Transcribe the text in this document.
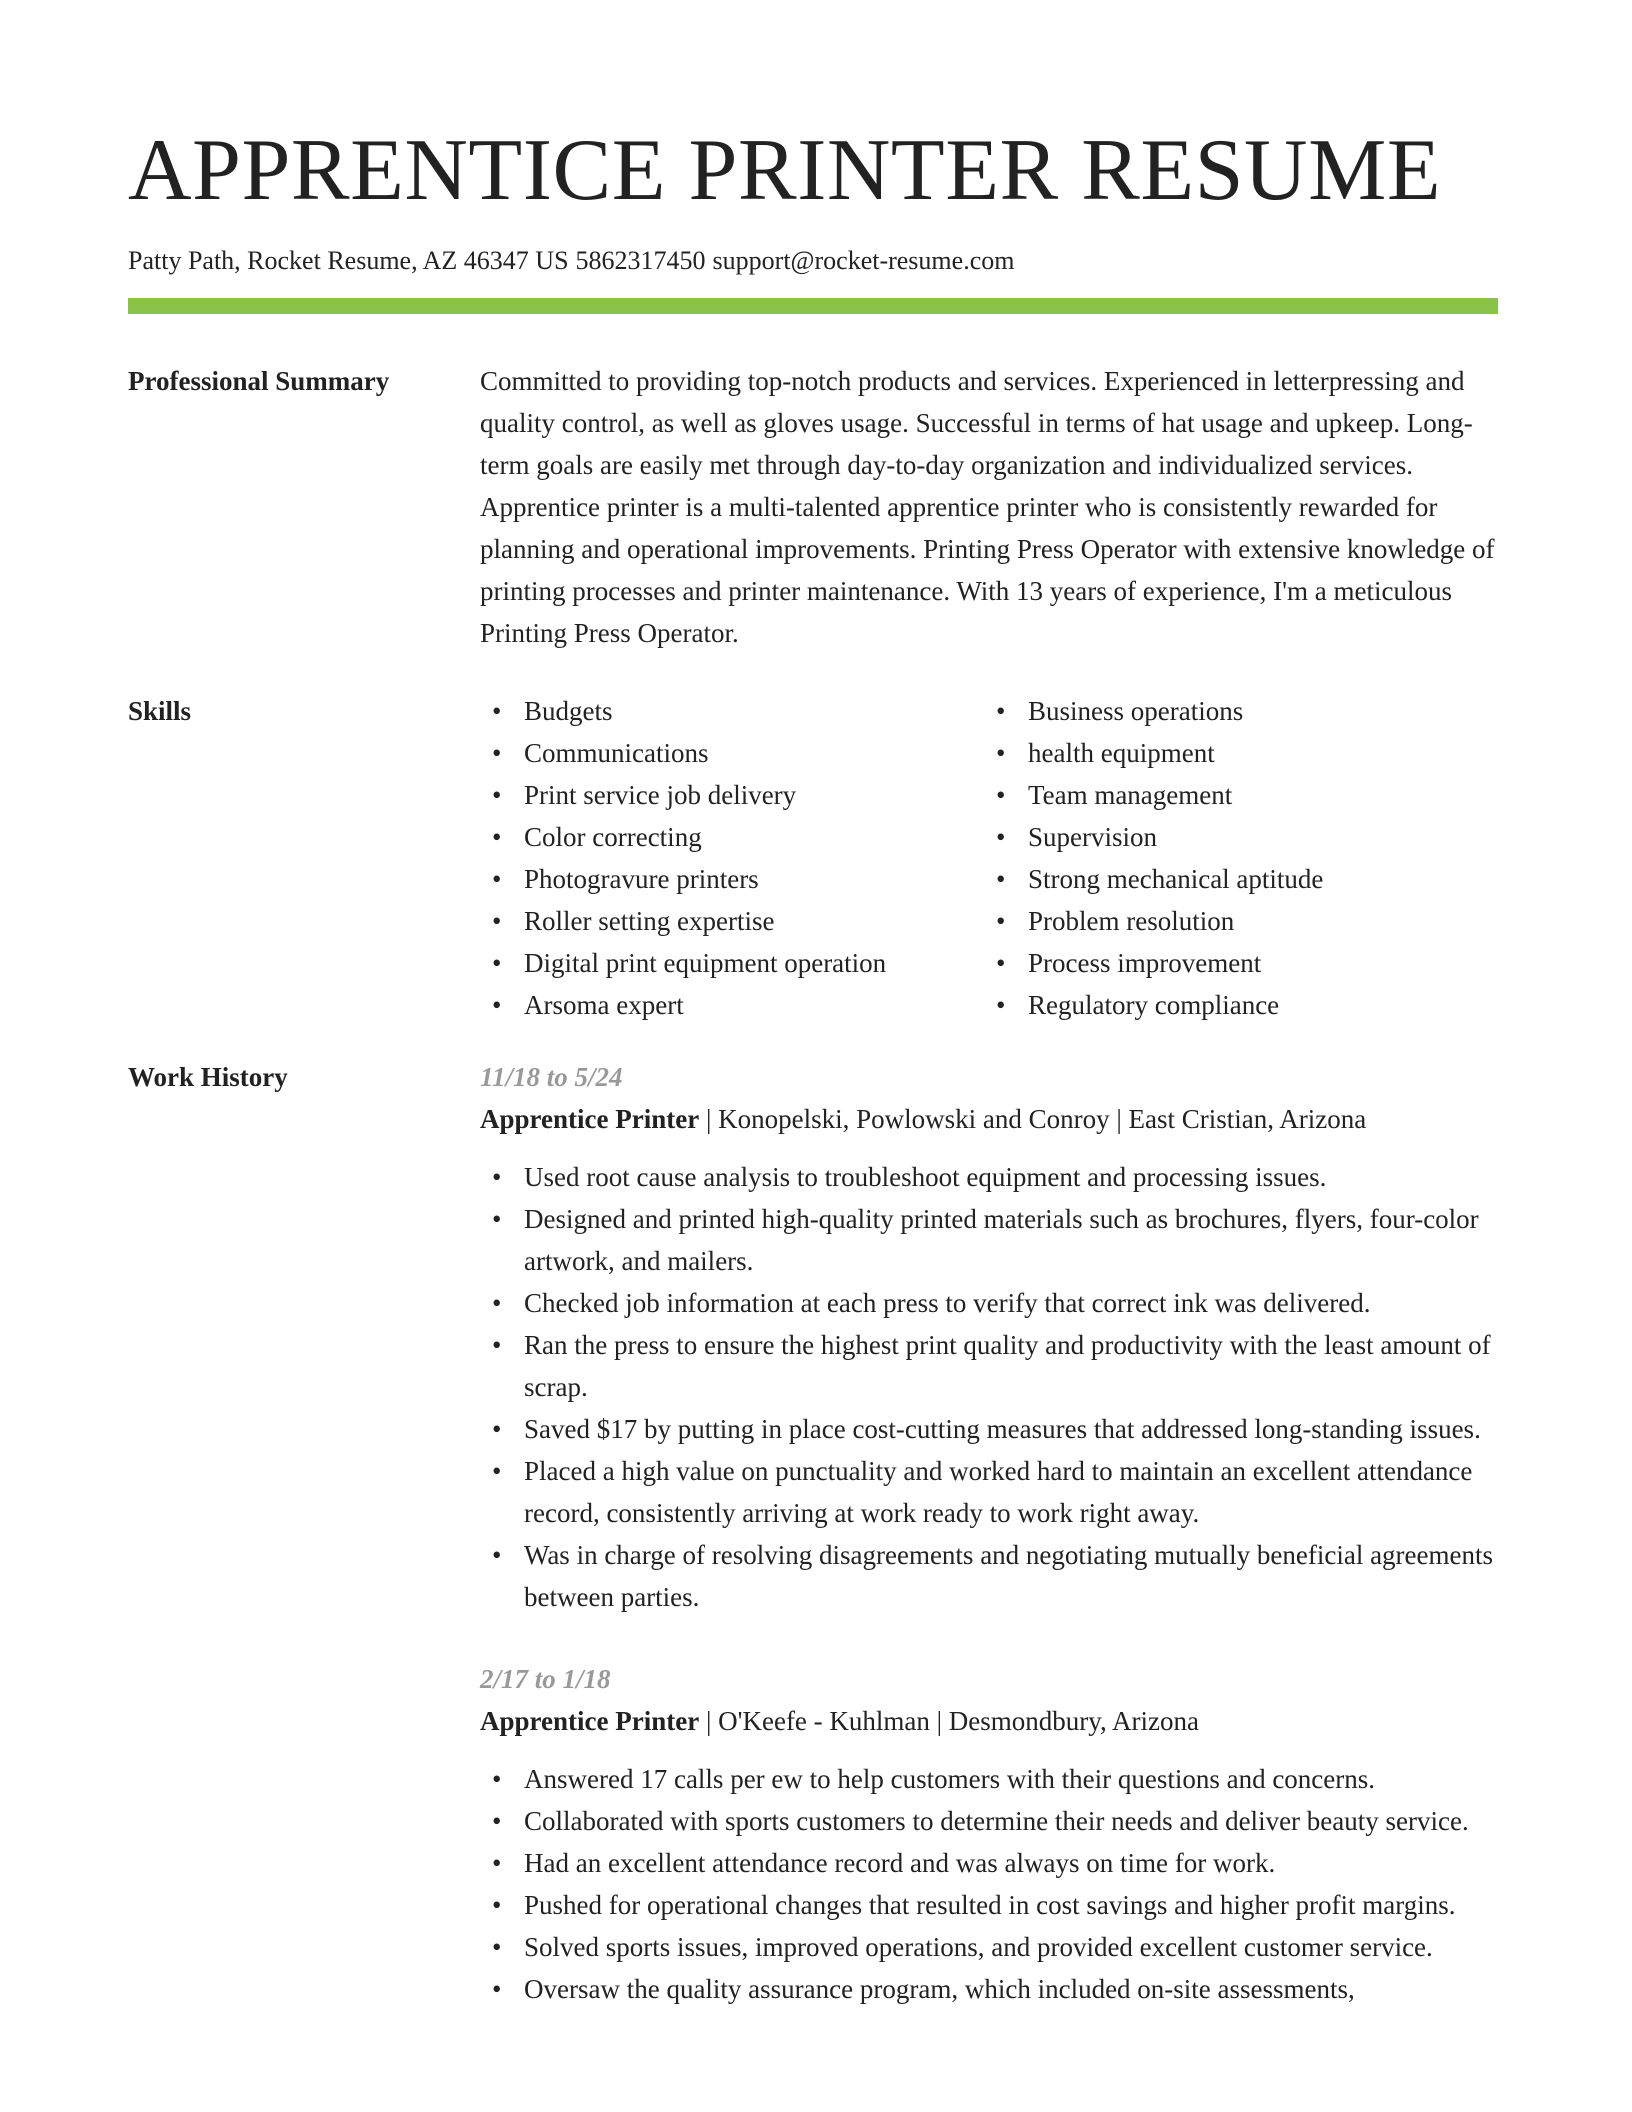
APPRENTICE PRINTER RESUME
Patty Path, Rocket Resume, AZ 46347 US 5862317450 support@rocket-resume.com
Professional Summary	Committed to providing top-notch products and services. Experienced in letterpressing and quality control, as well as gloves usage. Successful in terms of hat usage and upkeep. Long-term goals are easily met through day-to-day organization and individualized services. Apprentice printer is a multi-talented apprentice printer who is consistently rewarded for planning and operational improvements. Printing Press Operator with extensive knowledge of printing processes and printer maintenance. With 13 years of experience, I'm a meticulous Printing Press Operator.
Skills
•	Budgets
• Communications
• Print service job delivery
• Color correcting
• Photogravure printers
• Roller setting expertise
• Digital print equipment operation
• Arsoma expert
• Business operations
• health equipment
• Team management
• Supervision
• Strong mechanical aptitude
• Problem resolution
• Process improvement
• Regulatory compliance
Work History	11/18 to 5/24
Apprentice Printer | Konopelski, Powlowski and Conroy | East Cristian, Arizona
• Used root cause analysis to troubleshoot equipment and processing issues.
• Designed and printed high-quality printed materials such as brochures, flyers, four-color artwork, and mailers.
• Checked job information at each press to verify that correct ink was delivered.
• Ran the press to ensure the highest print quality and productivity with the least amount of scrap.
• Saved $17 by putting in place cost-cutting measures that addressed long-standing issues.
• Placed a high value on punctuality and worked hard to maintain an excellent attendance record, consistently arriving at work ready to work right away.
• Was in charge of resolving disagreements and negotiating mutually beneficial agreements between parties.
2/17 to 1/18
Apprentice Printer | O'Keefe - Kuhlman | Desmondbury, Arizona
• Answered 17 calls per ew to help customers with their questions and concerns.
• Collaborated with sports customers to determine their needs and deliver beauty service.
• Had an excellent attendance record and was always on time for work.
• Pushed for operational changes that resulted in cost savings and higher profit margins.
• Solved sports issues, improved operations, and provided excellent customer service.
• Oversaw the quality assurance program, which included on-site assessments,
